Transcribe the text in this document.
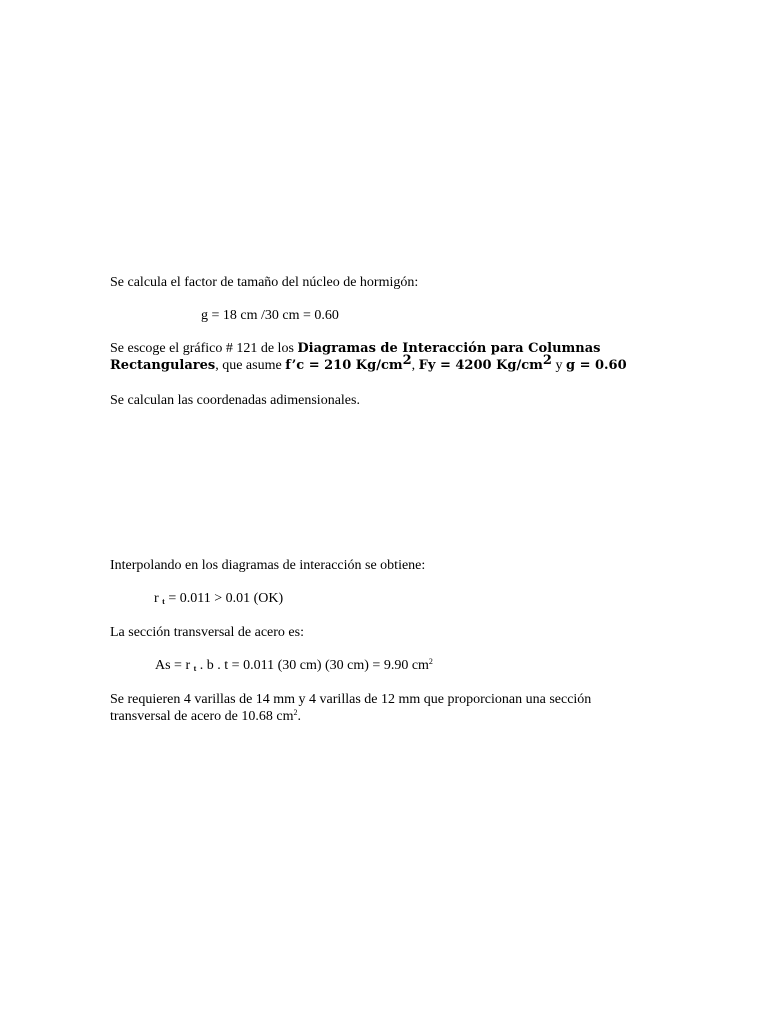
Se calcula el factor de tamaño del núcleo de hormigón:
g = 18 cm /30 cm = 0.60
Se escoge el gráfico # 121 de los Diagramas de Interacción para Columnas
Rectangulares, que asume f’c = 210 $Kg/cm^2$, Fy = 4200 $Kg/cm^2$ y g = 0.60
Se calculan las coordenadas adimensionales.
Interpolando en los diagramas de interacción se obtiene:
r $_t$ = 0.011 > 0.01 (OK)
La sección transversal de acero es:
As = r $_t$ . b . t = 0.011 (30 cm) (30 cm) = 9.90 $cm^2$
Se requieren 4 varillas de 14 mm y 4 varillas de 12 mm que proporcionan una sección
transversal de acero de 10.68 $cm^2$.
